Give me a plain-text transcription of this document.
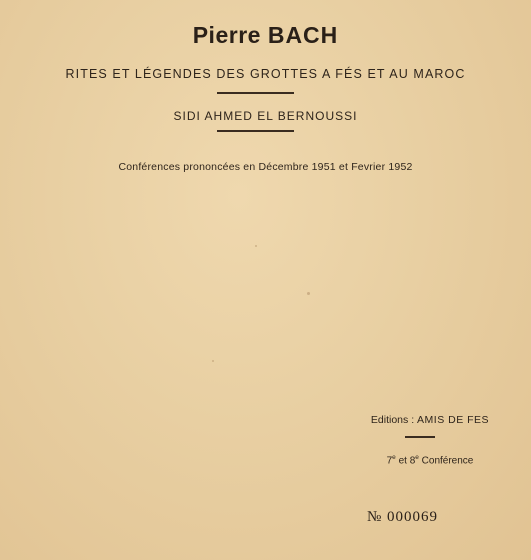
Pierre BACH
RITES ET LÉGENDES DES GROTTES A FÉS ET AU MAROC
SIDI AHMED EL BERNOUSSI
Conférences prononcées en Décembre 1951 et Fevrier 1952
Editions : AMIS DE FES
7e et 8e Conférence
№ 000069
